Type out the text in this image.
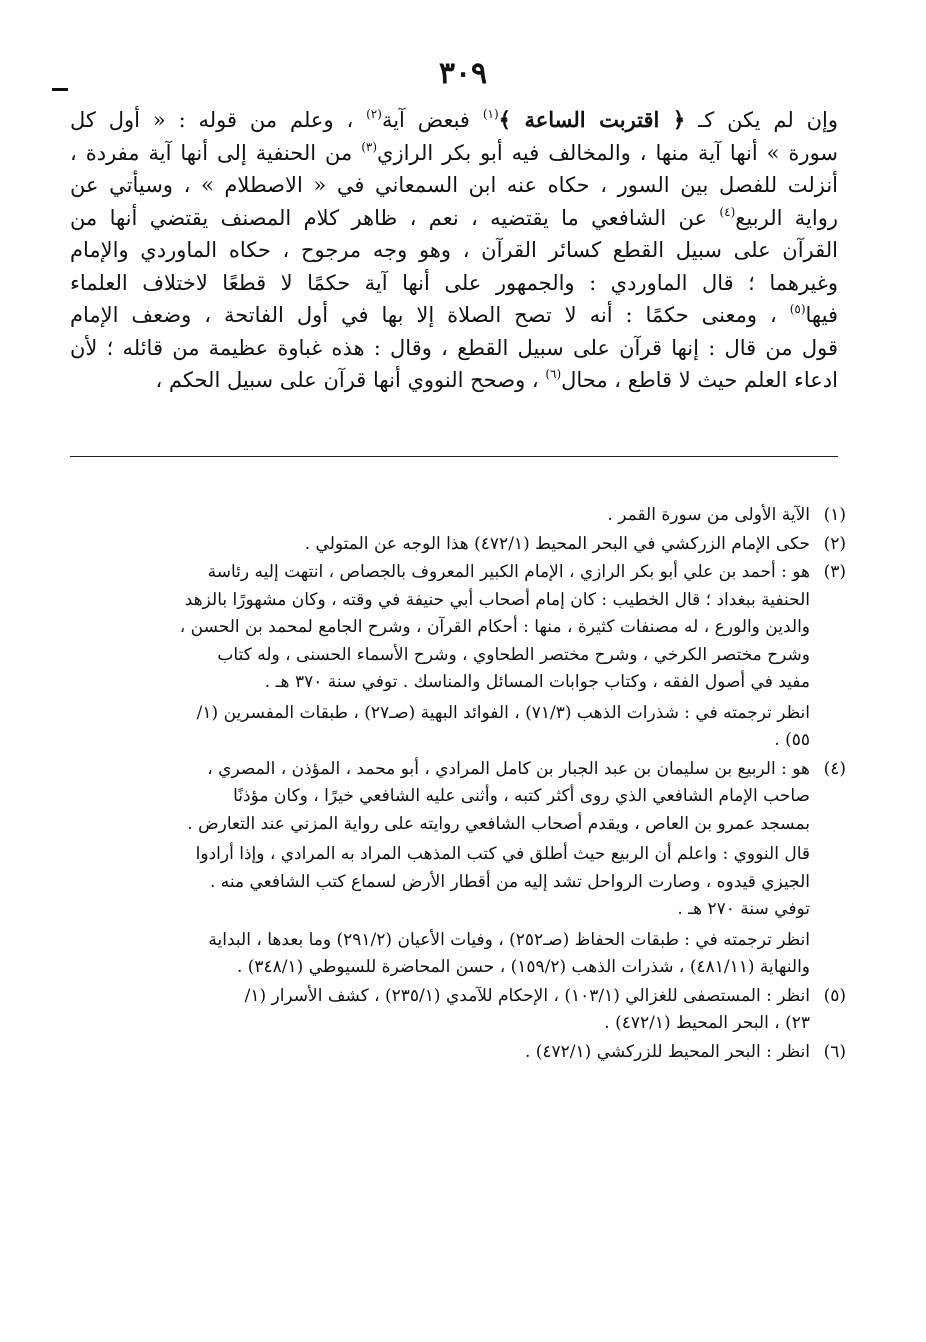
٣٠٩
وإن لم يكن كـ ﴿ اقتربت الساعة ﴾$^{(١)}$ فبعض آية$^{(٢)}$ ، وعلم من قوله : « أول كل
سورة » أنها آية منها ، والمخالف فيه أبو بكر الرازي$^{(٣)}$ من الحنفية إلى أنها آية مفردة ،
أنزلت للفصل بين السور ، حكاه عنه ابن السمعاني في « الاصطلام » ، وسيأتي عن
رواية الربيع$^{(٤)}$ عن الشافعي ما يقتضيه ، نعم ، ظاهر كلام المصنف يقتضي أنها من
القرآن على سبيل القطع كسائر القرآن ، وهو وجه مرجوح ، حكاه الماوردي والإمام
وغيرهما ؛ قال الماوردي : والجمهور على أنها آية حكمًا لا قطعًا لاختلاف العلماء
فيها$^{(٥)}$ ، ومعنى حكمًا : أنه لا تصح الصلاة إلا بها في أول الفاتحة ، وضعف الإمام
قول من قال : إنها قرآن على سبيل القطع ، وقال : هذه غباوة عظيمة من قائله ؛ لأن
ادعاء العلم حيث لا قاطع ، محال$^{(٦)}$ ، وصحح النووي أنها قرآن على سبيل الحكم ،
(١)
الآية الأولى من سورة القمر .
(٢)
حكى الإمام الزركشي في البحر المحيط (٤٧٢/١) هذا الوجه عن المتولي .
(٣)
هو : أحمد بن علي أبو بكر الرازي ، الإمام الكبير المعروف بالجصاص ، انتهت إليه رئاسة
الحنفية ببغداد ؛ قال الخطيب : كان إمام أصحاب أبي حنيفة في وقته ، وكان مشهورًا بالزهد
والدين والورع ، له مصنفات كثيرة ، منها : أحكام القرآن ، وشرح الجامع لمحمد بن الحسن ،
وشرح مختصر الكرخي ، وشرح مختصر الطحاوي ، وشرح الأسماء الحسنى ، وله كتاب
مفيد في أصول الفقه ، وكتاب جوابات المسائل والمناسك . توفي سنة ٣٧٠ هـ .
انظر ترجمته في : شذرات الذهب (٧١/٣) ، الفوائد البهية (صـ٢٧) ، طبقات المفسرين (١/
٥٥) .
(٤)
هو : الربيع بن سليمان بن عبد الجبار بن كامل المرادي ، أبو محمد ، المؤذن ، المصري ،
صاحب الإمام الشافعي الذي روى أكثر كتبه ، وأثنى عليه الشافعي خيرًا ، وكان مؤذنًا
بمسجد عمرو بن العاص ، ويقدم أصحاب الشافعي روايته على رواية المزني عند التعارض .
قال النووي : واعلم أن الربيع حيث أطلق في كتب المذهب المراد به المرادي ، وإذا أرادوا
الجيزي قيدوه ، وصارت الرواحل تشد إليه من أقطار الأرض لسماع كتب الشافعي منه .
توفي سنة ٢٧٠ هـ .
انظر ترجمته في : طبقات الحفاظ (صـ٢٥٢) ، وفيات الأعيان (٢٩١/٢) وما بعدها ، البداية
والنهاية (٤٨١/١١) ، شذرات الذهب (١٥٩/٢) ، حسن المحاضرة للسيوطي (٣٤٨/١) .
(٥)
انظر : المستصفى للغزالي (١٠٣/١) ، الإحكام للآمدي (٢٣٥/١) ، كشف الأسرار (١/
٢٣) ، البحر المحيط (٤٧٢/١) .
(٦)
انظر : البحر المحيط للزركشي (٤٧٢/١) .
